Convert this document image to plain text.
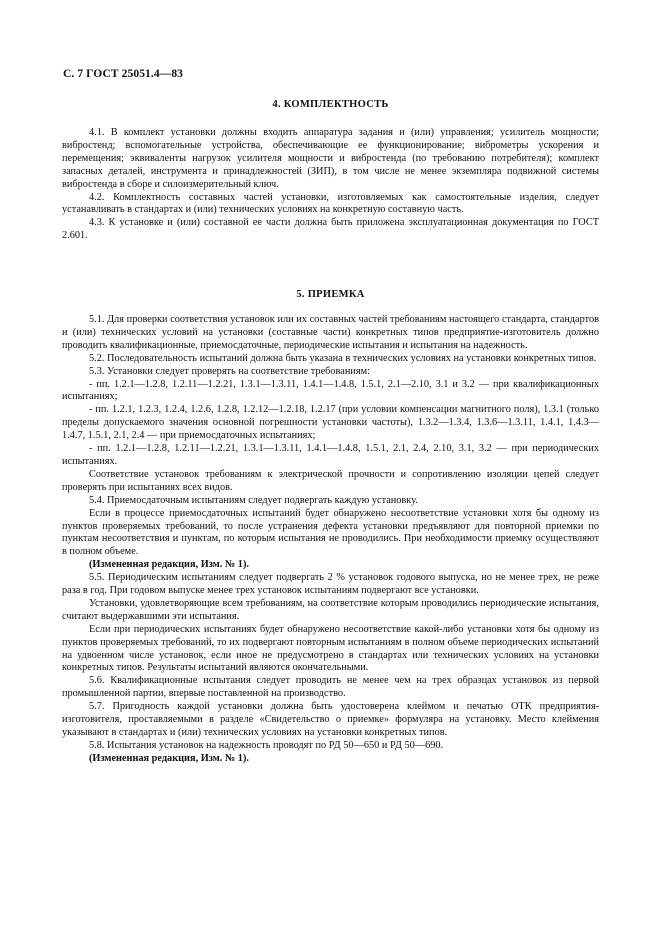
С. 7 ГОСТ 25051.4—83
4. КОМПЛЕКТНОСТЬ

4.1. В комплект установки должны входить аппаратура задания и (или) управления; усилитель мощности; вибростенд; вспомогательные устройства, обеспечивающие ее функционирование; виброметры ускорения и перемещения; эквиваленты нагрузок усилителя мощности и вибростенда (по требованию потребителя); комплект запасных деталей, инструмента и принадлежностей (ЗИП), в том числе не менее экземпляра подвижной системы вибростенда в сборе и силоизмерительный ключ.

4.2. Комплектность составных частей установки, изготовляемых как самостоятельные изделия, следует устанавливать в стандартах и (или) технических условиях на конкретную составную часть.

4.3. К установке и (или) составной ее части должна быть приложена эксплуатационная документация по ГОСТ 2.601.

5. ПРИЕМКА

5.1. Для проверки соответствия установок или их составных частей требованиям настоящего стандарта, стандартов и (или) технических условий на установки (составные части) конкретных типов предприятие-изготовитель должно проводить квалификационные, приемосдаточные, периодические испытания и испытания на надежность.

5.2. Последовательность испытаний должна быть указана в технических условиях на установки конкретных типов.

5.3. Установки следует проверять на соответствие требованиям:

- пп. 1.2.1—1.2.8, 1.2.11—1.2.21, 1.3.1—1.3.11, 1.4.1—1.4.8, 1.5.1, 2.1—2.10, 3.1 и 3.2 — при квалификационных испытаниях;

- пп. 1.2.1, 1.2.3, 1.2.4, 1.2.6, 1.2.8, 1.2.12—1.2.18, 1.2.17 (при условии компенсации магнитного поля), 1.3.1 (только пределы допускаемого значения основной погрешности установки частоты), 1.3.2—1.3.4, 1.3.6—1.3.11, 1.4.1, 1.4.3—1.4.7, 1.5.1, 2.1, 2.4 — при приемосдаточных испытаниях;

- пп. 1.2.1—1.2.8, 1.2.11—1.2.21, 1.3.1—1.3.11, 1.4.1—1.4.8, 1.5.1, 2.1, 2.4, 2.10, 3.1, 3.2 — при периодических испытаниях.

Соответствие установок требованиям к электрической прочности и сопротивлению изоляции цепей следует проверять при испытаниях всех видов.

5.4. Приемосдаточным испытаниям следует подвергать каждую установку.

Если в процессе приемосдаточных испытаний будет обнаружено несоответствие установки хотя бы одному из пунктов проверяемых требований, то после устранения дефекта установки предъявляют для повторной приемки по пунктам несоответствия и пунктам, по которым испытания не проводились. При необходимости приемку осуществляют в полном объеме.

(Измененная редакция, Изм. № 1).

5.5. Периодическим испытаниям следует подвергать 2 % установок годового выпуска, но не менее трех, не реже раза в год. При годовом выпуске менее трех установок испытаниям подвергают все установки.

Установки, удовлетворяющие всем требованиям, на соответствие которым проводились периодические испытания, считают выдержавшими эти испытания.

Если при периодических испытаниях будет обнаружено несоответствие какой-либо установки хотя бы одному из пунктов проверяемых требований, то их подвергают повторным испытаниям в полном объеме периодических испытаний на удвоенном числе установок, если иное не предусмотрено в стандартах или технических условиях на установки конкретных типов. Результаты испытаний являются окончательными.

5.6. Квалификационные испытания следует проводить не менее чем на трех образцах установок из первой промышленной партии, впервые поставленной на производство.

5.7. Пригодность каждой установки должна быть удостоверена клеймом и печатью ОТК предприятия-изготовителя, проставляемыми в разделе «Свидетельство о приемке» формуляра на установку. Место клеймения указывают в стандартах и (или) технических условиях на установки конкретных типов.

5.8. Испытания установок на надежность проводят по РД 50—650 и РД 50—690.

(Измененная редакция, Изм. № 1).
